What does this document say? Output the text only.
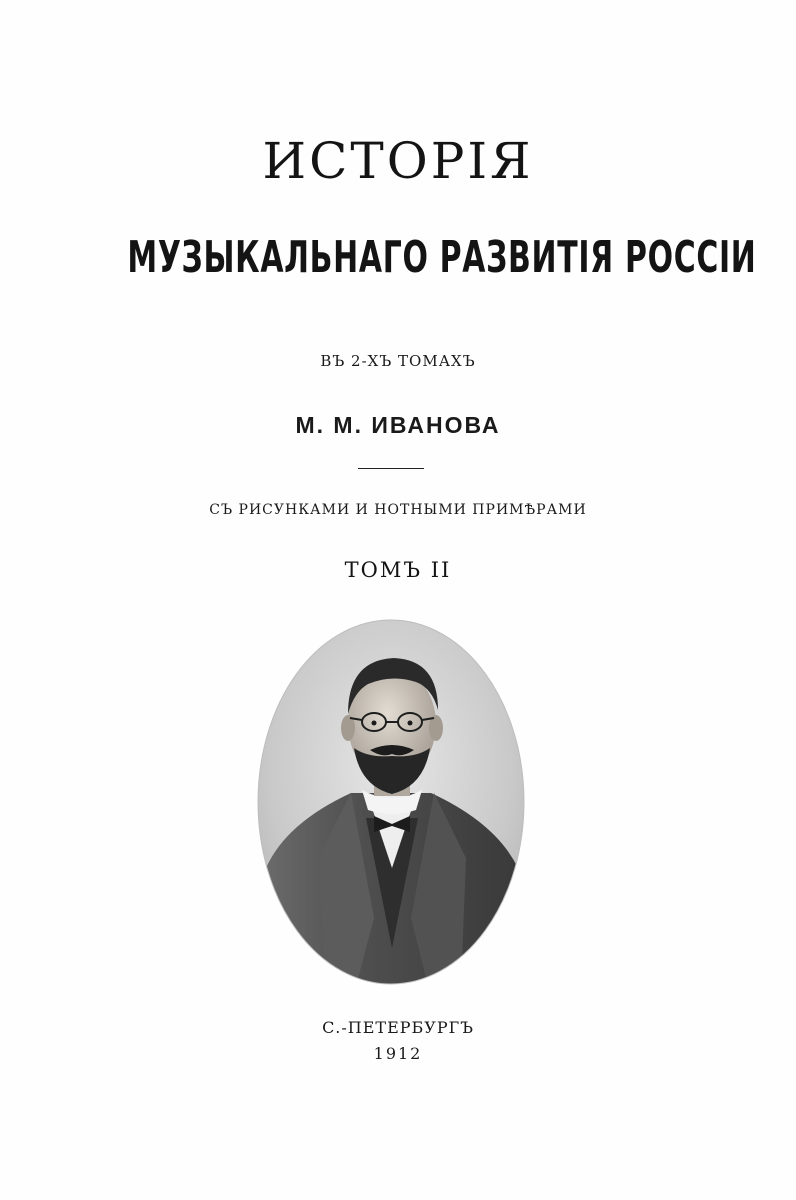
ИСТОРІЯ
МУЗЫКАЛЬНАГО РАЗВИТІЯ РОССІИ
ВЪ 2-ХЪ ТОМАХЪ
М. М. ИВАНОВА
СЪ РИСУНКАМИ И НОТНЫМИ ПРИМѢРАМИ
ТОМЪ II
С.-ПЕТЕРБУРГЪ
1912
